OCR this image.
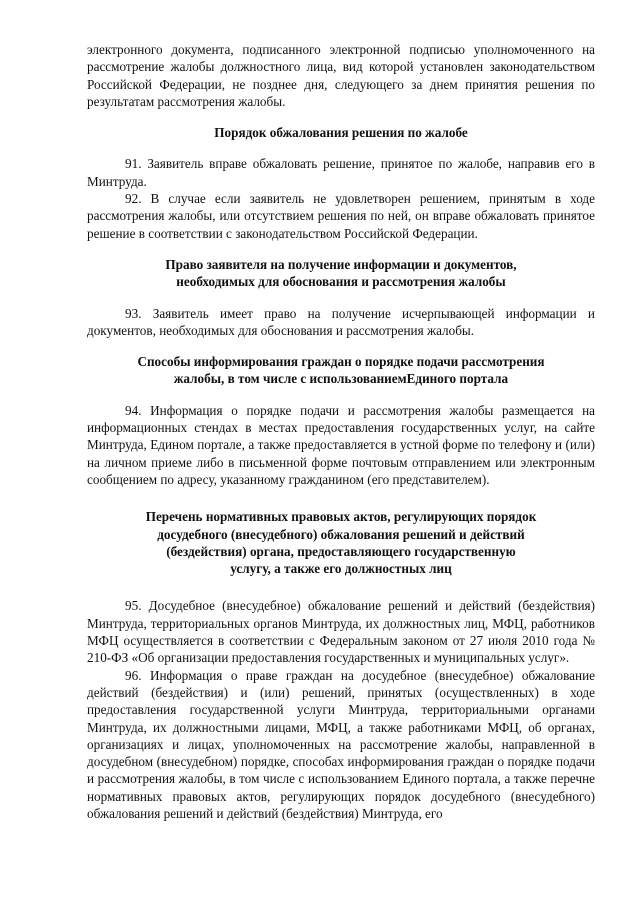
электронного документа, подписанного электронной подписью уполномоченного на рассмотрение жалобы должностного лица, вид которой установлен законодательством Российской Федерации, не позднее дня, следующего за днем принятия решения по результатам рассмотрения жалобы.

Порядок обжалования решения по жалобе

91. Заявитель вправе обжаловать решение, принятое по жалобе, направив его в Минтруда.

92. В случае если заявитель не удовлетворен решением, принятым в ходе рассмотрения жалобы, или отсутствием решения по ней, он вправе обжаловать принятое решение в соответствии с законодательством Российской Федерации.

Право заявителя на получение информации и документов,
необходимых для обоснования и рассмотрения жалобы

93. Заявитель имеет право на получение исчерпывающей информации и документов, необходимых для обоснования и рассмотрения жалобы.

Способы информирования граждан о порядке подачи рассмотрения
жалобы, в том числе с использованиемЕдиного портала

94. Информация о порядке подачи и рассмотрения жалобы размещается на информационных стендах в местах предоставления государственных услуг, на сайте Минтруда, Едином портале, а также предоставляется в устной форме по телефону и (или) на личном приеме либо в письменной форме почтовым отправлением или электронным сообщением по адресу, указанному гражданином (его представителем).

Перечень нормативных правовых актов, регулирующих порядок
досудебного (внесудебного) обжалования решений и действий
(бездействия) органа, предоставляющего государственную
услугу, а также его должностных лиц

95. Досудебное (внесудебное) обжалование решений и действий (бездействия) Минтруда, территориальных органов Минтруда, их должностных лиц, МФЦ, работников МФЦ осуществляется в соответствии с Федеральным законом от 27 июля 2010 года № 210-ФЗ «Об организации предоставления государственных и муниципальных услуг».

96. Информация о праве граждан на досудебное (внесудебное) обжалование действий (бездействия) и (или) решений, принятых (осуществленных) в ходе предоставления государственной услуги Минтруда, территориальными органами Минтруда, их должностными лицами, МФЦ, а также работниками МФЦ, об органах, организациях и лицах, уполномоченных на рассмотрение жалобы, направленной в досудебном (внесудебном) порядке, способах информирования граждан о порядке подачи и рассмотрения жалобы, в том числе с использованием Единого портала, а также перечне нормативных правовых актов, регулирующих порядок досудебного (внесудебного) обжалования решений и действий (бездействия) Минтруда, его
